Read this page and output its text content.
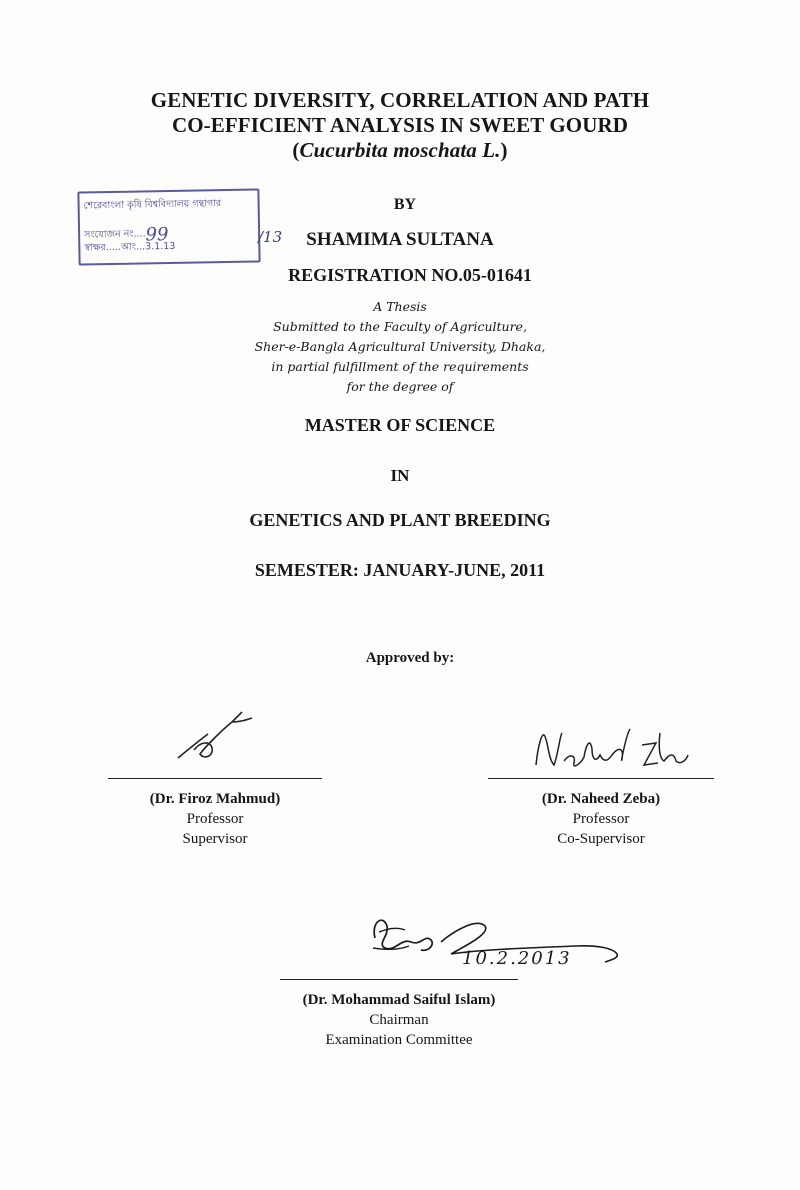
GENETIC DIVERSITY, CORRELATION AND PATH
CO-EFFICIENT ANALYSIS IN SWEET GOURD
(Cucurbita moschata L.)
শেরেবাংলা কৃষি বিশ্ববিদ্যালয় গন্থাগার
সংযোজন নং....99
স্বাক্ষর.....আং...3.1.13
/13
BY
SHAMIMA SULTANA
REGISTRATION NO.05-01641
A Thesis
Submitted to the Faculty of Agriculture,
Sher-e-Bangla Agricultural University, Dhaka,
in partial fulfillment of the requirements
for the degree of
MASTER OF SCIENCE
IN
GENETICS AND PLANT BREEDING
SEMESTER: JANUARY-JUNE, 2011
Approved by:
(Dr. Firoz Mahmud)
Professor
Supervisor
(Dr. Naheed Zeba)
Professor
Co-Supervisor
10.2.2013
(Dr. Mohammad Saiful Islam)
Chairman
Examination Committee
